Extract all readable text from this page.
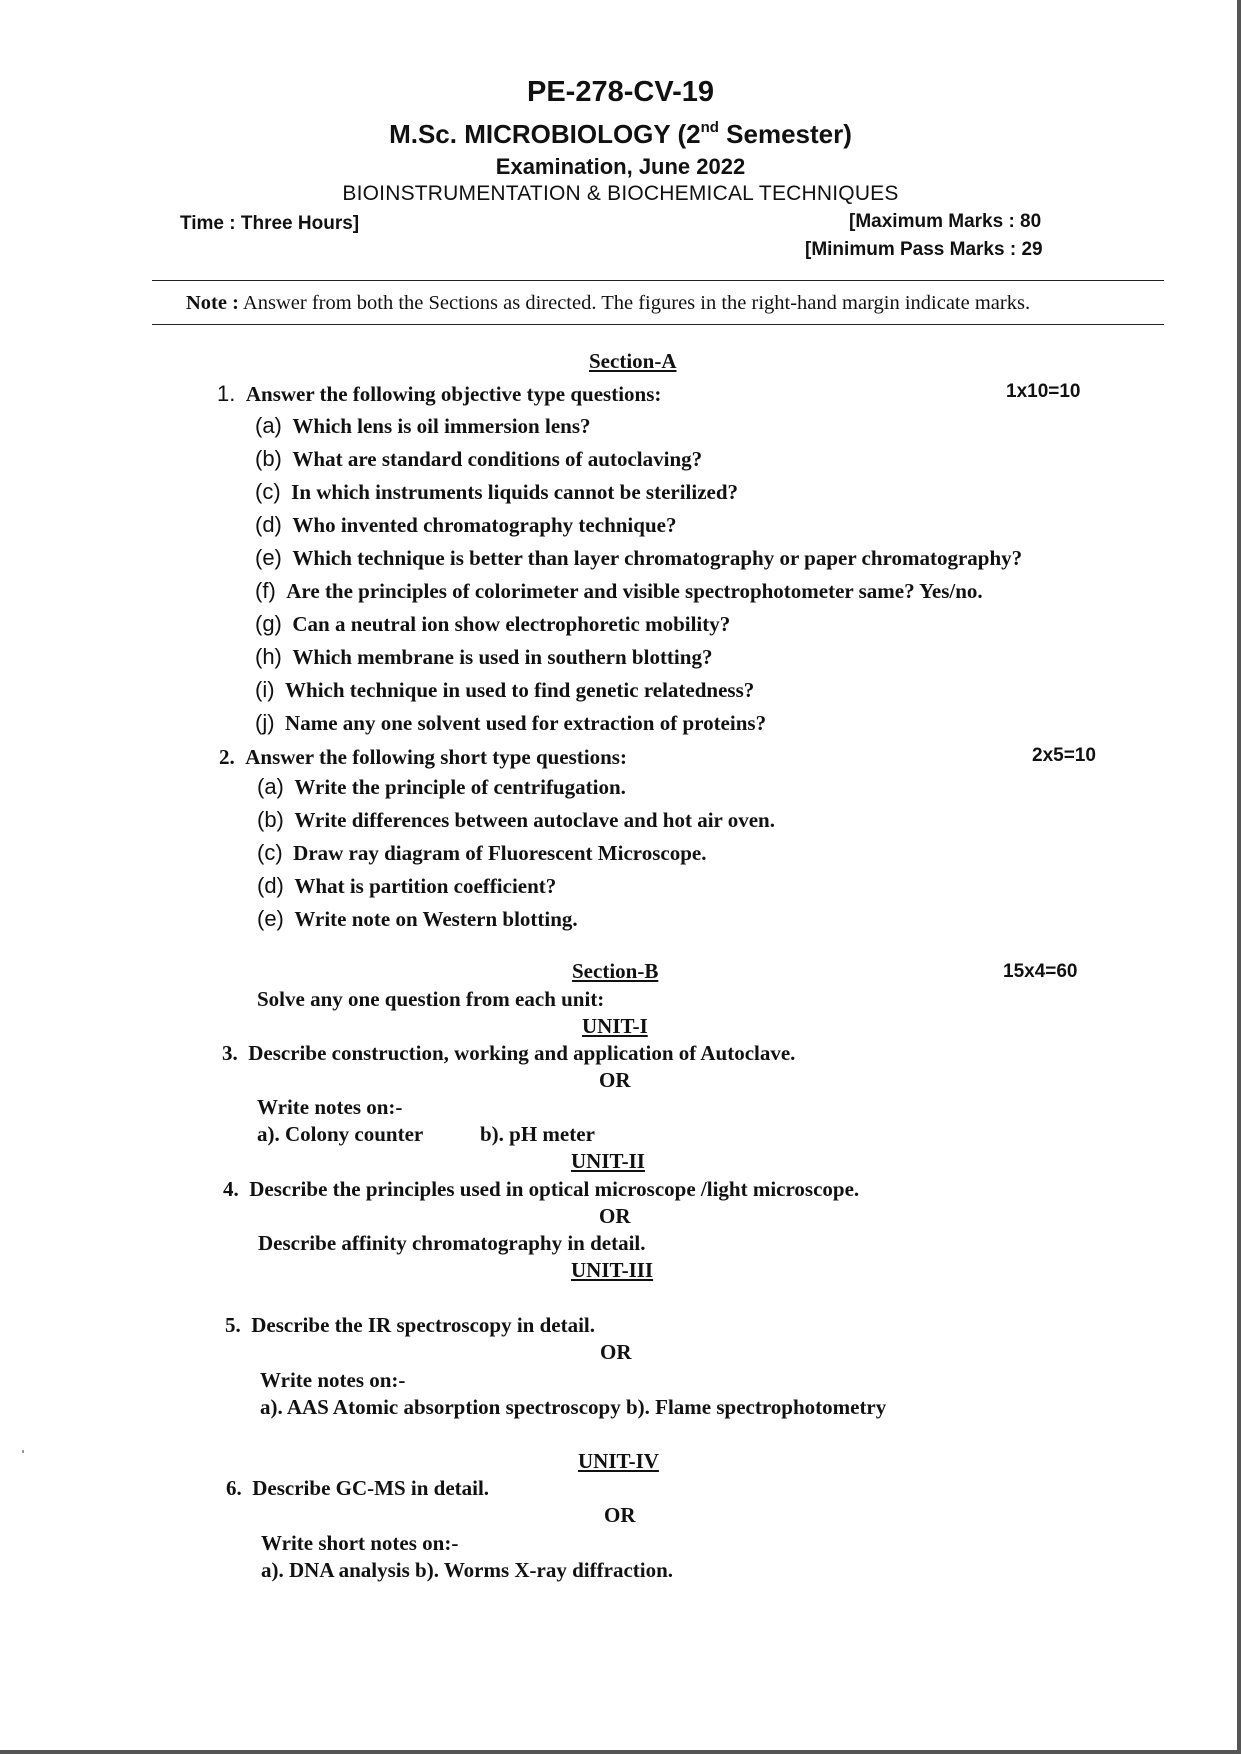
PE-278-CV-19
M.Sc. MICROBIOLOGY (2nd Semester)
Examination, June 2022
BIOINSTRUMENTATION & BIOCHEMICAL TECHNIQUES
Time : Three Hours]	[Maximum Marks : 80
[Minimum Pass Marks : 29
Note : Answer from both the Sections as directed. The figures in the right-hand margin indicate marks.
Section-A
1. Answer the following objective type questions:	1x10=10
(a) Which lens is oil immersion lens?
(b) What are standard conditions of autoclaving?
(c) In which instruments liquids cannot be sterilized?
(d) Who invented chromatography technique?
(e) Which technique is better than layer chromatography or paper chromatography?
(f) Are the principles of colorimeter and visible spectrophotometer same? Yes/no.
(g) Can a neutral ion show electrophoretic mobility?
(h) Which membrane is used in southern blotting?
(i) Which technique in used to find genetic relatedness?
(j) Name any one solvent used for extraction of proteins?
2. Answer the following short type questions:	2x5=10
(a) Write the principle of centrifugation.
(b) Write differences between autoclave and hot air oven.
(c) Draw ray diagram of Fluorescent Microscope.
(d) What is partition coefficient?
(e) Write note on Western blotting.
Section-B	15x4=60
Solve any one question from each unit:
UNIT-I
3. Describe construction, working and application of Autoclave.
OR
Write notes on:-
a). Colony counter	b). pH meter
UNIT-II
4. Describe the principles used in optical microscope /light microscope.
OR
Describe affinity chromatography in detail.
UNIT-III
5. Describe the IR spectroscopy in detail.
OR
Write notes on:-
a). AAS Atomic absorption spectroscopy b). Flame spectrophotometry
UNIT-IV
6. Describe GC-MS in detail.
OR
Write short notes on:-
a). DNA analysis b). Worms X-ray diffraction.
